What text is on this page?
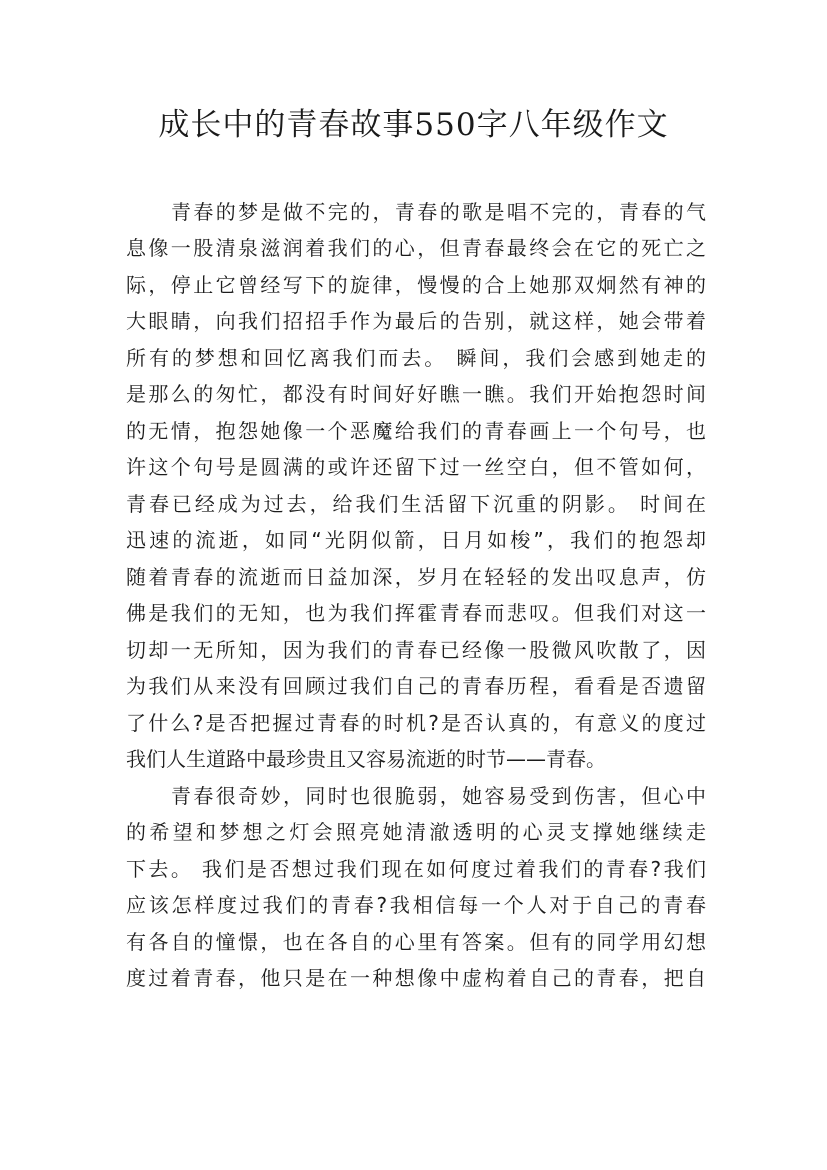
成长中的青春故事550字八年级作文
青春的梦是做不完的，青春的歌是唱不完的，青春的气
息像一股清泉滋润着我们的心，但青春最终会在它的死亡之
际，停止它曾经写下的旋律，慢慢的合上她那双炯然有神的
大眼睛，向我们招招手作为最后的告别，就这样，她会带着
所有的梦想和回忆离我们而去。 瞬间，我们会感到她走的
是那么的匆忙，都没有时间好好瞧一瞧。我们开始抱怨时间
的无情，抱怨她像一个恶魔给我们的青春画上一个句号，也
许这个句号是圆满的或许还留下过一丝空白，但不管如何，
青春已经成为过去，给我们生活留下沉重的阴影。 时间在
迅速的流逝，如同“光阴似箭，日月如梭”，我们的抱怨却
随着青春的流逝而日益加深，岁月在轻轻的发出叹息声，仿
佛是我们的无知，也为我们挥霍青春而悲叹。但我们对这一
切却一无所知，因为我们的青春已经像一股微风吹散了，因
为我们从来没有回顾过我们自己的青春历程，看看是否遗留
了什么?是否把握过青春的时机?是否认真的，有意义的度过
我们人生道路中最珍贵且又容易流逝的时节——青春。
青春很奇妙，同时也很脆弱，她容易受到伤害，但心中
的希望和梦想之灯会照亮她清澈透明的心灵支撑她继续走
下去。 我们是否想过我们现在如何度过着我们的青春?我们
应该怎样度过我们的青春?我相信每一个人对于自己的青春
有各自的憧憬，也在各自的心里有答案。但有的同学用幻想
度过着青春，他只是在一种想像中虚构着自己的青春，把自
